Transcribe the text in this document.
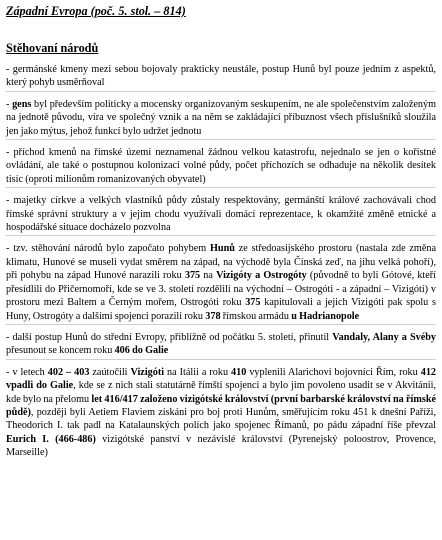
Západní Evropa (poč. 5. stol. – 814)
Stěhovaní národů

- germánské kmeny mezi sebou bojovaly prakticky neustále, postup Hunů byl pouze jedním z aspektů, který pohyb usměrňoval

- gens byl především politicky a mocensky organizovaným seskupením, ne ale společenstvím založeným na jednotě původu, víra ve společný vznik a na něm se zakládající příbuznost všech příslušníků sloužila jen jako mýtus, jehož funkcí bylo udržet jednotu

- příchod kmenů na římské území neznamenal žádnou velkou katastrofu, nejednalo se jen o kořistné ovládání, ale také o postupnou kolonizaci volné půdy, počet příchozích se odhaduje na několik desítek tisíc (oproti milionům romanizovaných obyvatel)

- majetky církve a velkých vlastníků půdy zůstaly respektovány, germánští králové zachovávali chod římské správní struktury a v jejím chodu využívali domácí reprezentace, k okamžité změně etnické a hospodářské situace docházelo pozvolna

- tzv. stěhování národů bylo započato pohybem Hunů ze středoasijského prostoru (nastala zde změna klimatu, Hunové se museli vydat směrem na západ, na východě byla Čínská zeď, na jihu velká pohoří), při pohybu na západ Hunové narazili roku 375 na Vizigóty a Ostrogóty (původně to byli Gótové, kteří přesídlili do Přičernomoří, kde se ve 3. století rozdělili na východní – Ostrogóti - a západní – Vizigóti) v prostoru mezi Baltem a Černým mořem, Ostrogóti roku 375 kapitulovali a jejich Vizigóti pak spolu s Huny, Ostrogóty a dalšími spojenci porazili roku 378 římskou armádu u Hadrianopole

- další postup Hunů do střední Evropy, přiblížně od počátku 5. století, přinutil Vandaly, Alany a Svéby přesunout se koncem roku 406 do Galie

- v letech 402 – 403 zaútočili Vizigóti na Itálii a roku 410 vyplenili Alarichovi bojovníci Řím, roku 412 vpadli do Galie, kde se z nich stali statutárně římští spojenci a bylo jim povoleno usadit se v Akvitánii, kde bylo na přelomu let 416/417 založeno vizigótské království (první barbarské království na římské půdě), později byli Aetiem Flaviem získáni pro boj proti Hunům, směřujícím roku 451 k dnešní Paříži, Theodorich I. tak padl na Katalaunských polích jako spojenec Římanů, po pádu západní říše převzal Eurich I. (466-486) vizigótské panství v nezávislé království (Pyrenejský poloostrov, Provence, Marseille)
